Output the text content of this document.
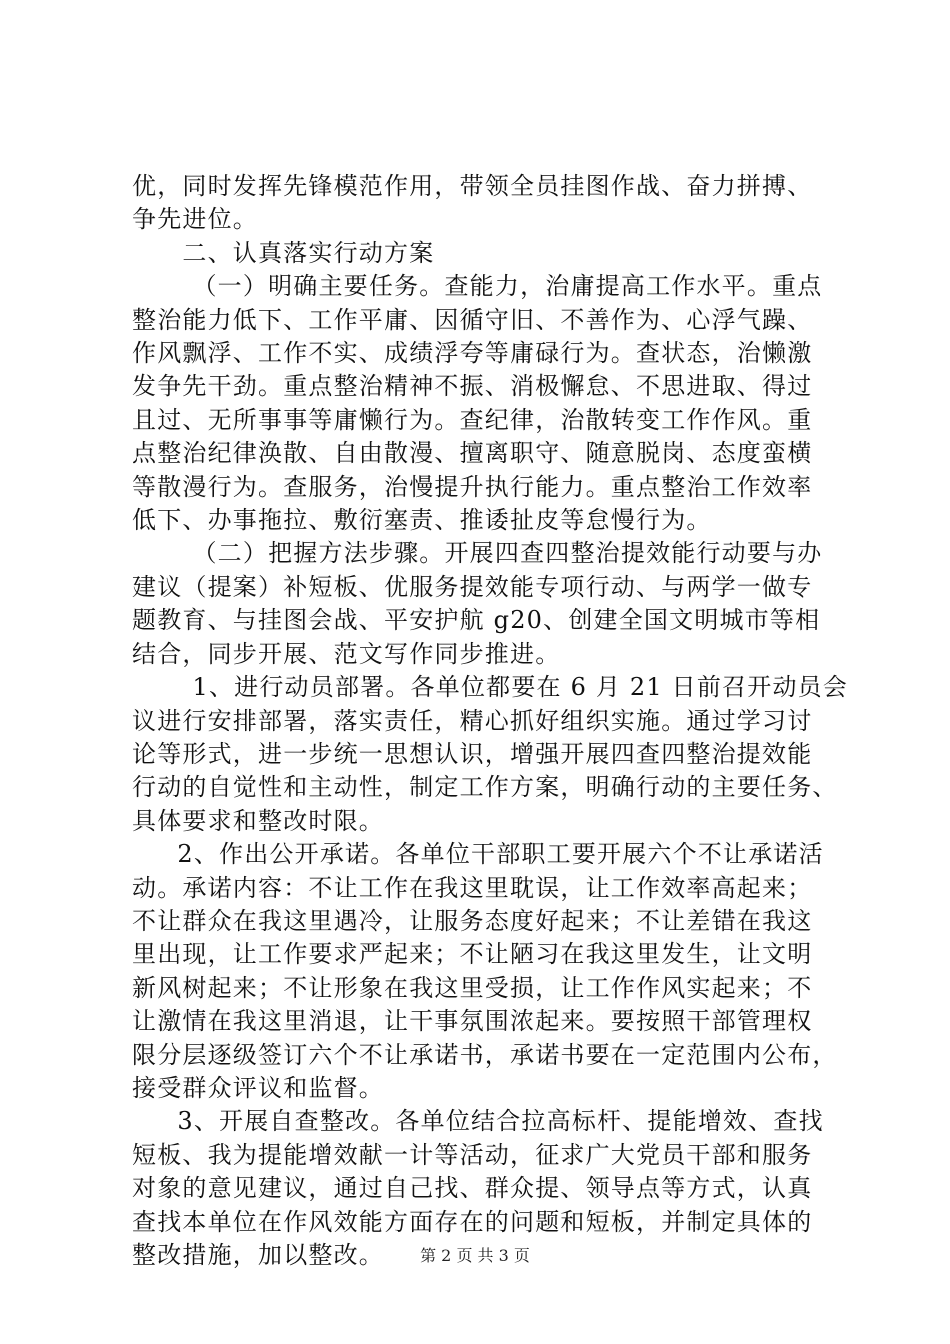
优，同时发挥先锋模范作用，带领全员挂图作战、奋力拼搏、
争先进位。
二、认真落实行动方案
（一）明确主要任务。查能力，治庸提高工作水平。重点
整治能力低下、工作平庸、因循守旧、不善作为、心浮气躁、
作风飘浮、工作不实、成绩浮夸等庸碌行为。查状态，治懒激
发争先干劲。重点整治精神不振、消极懈怠、不思进取、得过
且过、无所事事等庸懒行为。查纪律，治散转变工作作风。重
点整治纪律涣散、自由散漫、擅离职守、随意脱岗、态度蛮横
等散漫行为。查服务，治慢提升执行能力。重点整治工作效率
低下、办事拖拉、敷衍塞责、推诿扯皮等怠慢行为。
（二）把握方法步骤。开展四查四整治提效能行动要与办
建议（提案）补短板、优服务提效能专项行动、与两学一做专
题教育、与挂图会战、平安护航 g20、创建全国文明城市等相
结合，同步开展、范文写作同步推进。
1、进行动员部署。各单位都要在 6 月 21 日前召开动员会
议进行安排部署，落实责任，精心抓好组织实施。通过学习讨
论等形式，进一步统一思想认识，增强开展四查四整治提效能
行动的自觉性和主动性，制定工作方案，明确行动的主要任务、
具体要求和整改时限。
2、作出公开承诺。各单位干部职工要开展六个不让承诺活
动。承诺内容：不让工作在我这里耽误，让工作效率高起来；
不让群众在我这里遇冷，让服务态度好起来；不让差错在我这
里出现，让工作要求严起来；不让陋习在我这里发生，让文明
新风树起来；不让形象在我这里受损，让工作作风实起来；不
让激情在我这里消退，让干事氛围浓起来。要按照干部管理权
限分层逐级签订六个不让承诺书，承诺书要在一定范围内公布，
接受群众评议和监督。
3、开展自查整改。各单位结合拉高标杆、提能增效、查找
短板、我为提能增效献一计等活动，征求广大党员干部和服务
对象的意见建议，通过自己找、群众提、领导点等方式，认真
查找本单位在作风效能方面存在的问题和短板，并制定具体的
整改措施，加以整改。	第 2 页 共 3 页
